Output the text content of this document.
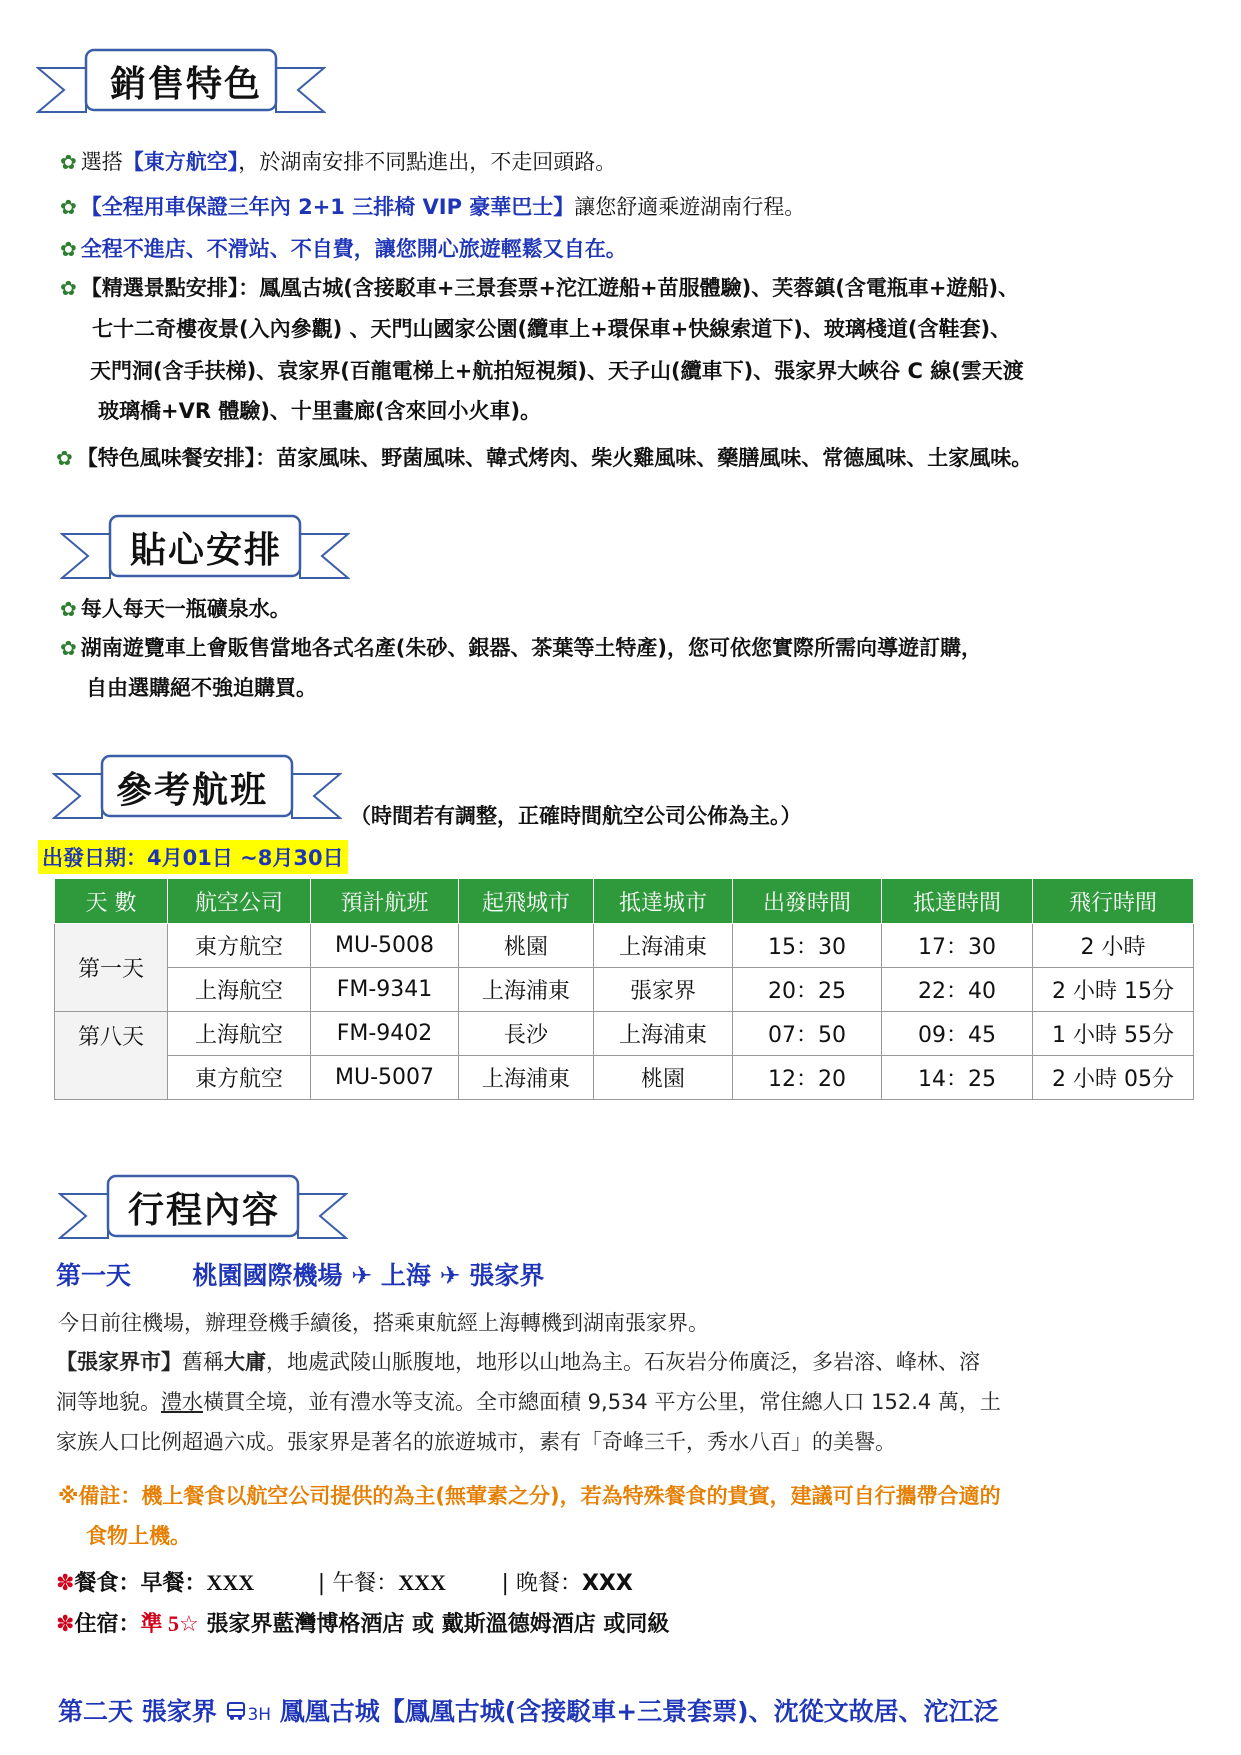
銷售特色
✿ 選搭【東方航空】，於湖南安排不同點進出，不走回頭路。
✿ 【全程用車保證三年內 2+1 三排椅 VIP 豪華巴士】讓您舒適乘遊湖南行程。
✿ 全程不進店、不滑站、不自費，讓您開心旅遊輕鬆又自在。
✿ 【精選景點安排】：鳳凰古城(含接駁車+三景套票+沱江遊船+苗服體驗)、芙蓉鎮(含電瓶車+遊船)、
七十二奇樓夜景(入內參觀) 、天門山國家公園(纜車上+環保車+快線索道下)、玻璃棧道(含鞋套)、
天門洞(含手扶梯)、袁家界(百龍電梯上+航拍短視頻)、天子山(纜車下)、張家界大峽谷 C 線(雲天渡
玻璃橋+VR 體驗)、十里畫廊(含來回小火車)。
✿ 【特色風味餐安排】：苗家風味、野菌風味、韓式烤肉、柴火雞風味、藥膳風味、常德風味、土家風味。
貼心安排
✿ 每人每天一瓶礦泉水。
✿ 湖南遊覽車上會販售當地各式名產(朱砂、銀器、茶葉等土特產)，您可依您實際所需向導遊訂購，
自由選購絕不強迫購買。
參考航班
（時間若有調整，正確時間航空公司公佈為主。）
出發日期：4月01日 ~8月30日
天 數	航空公司	預計航班	起飛城市	抵達城市	出發時間	抵達時間	飛行時間
第一天	東方航空	MU-5008	桃園	上海浦東	15：30	17：30	2 小時
	上海航空	FM-9341	上海浦東	張家界	20：25	22：40	2 小時 15分
第八天	上海航空	FM-9402	長沙	上海浦東	07：50	09：45	1 小時 55分
	東方航空	MU-5007	上海浦東	桃園	12：20	14：25	2 小時 05分
行程內容
第一天 桃園國際機場 ✈ 上海 ✈ 張家界
今日前往機場，辦理登機手續後，搭乘東航經上海轉機到湖南張家界。
【張家界市】舊稱大庸，地處武陵山脈腹地，地形以山地為主。石灰岩分佈廣泛，多岩溶、峰林、溶
洞等地貌。澧水橫貫全境，並有澧水等支流。全市總面積 9,534 平方公里，常住總人口 152.4 萬，土
家族人口比例超過六成。張家界是著名的旅遊城市，素有「奇峰三千，秀水八百」的美譽。
※備註：機上餐食以航空公司提供的為主(無葷素之分)，若為特殊餐食的貴賓，建議可自行攜帶合適的
食物上機。
✽餐食：早餐：XXX	| 午餐：XXX	| 晚餐：XXX
✽住宿：準 5☆ 張家界藍灣博格酒店 或 戴斯溫德姆酒店 或同級
第二天 張家界 3H 鳳凰古城【鳳凰古城(含接駁車+三景套票)、沈從文故居、沱江泛
